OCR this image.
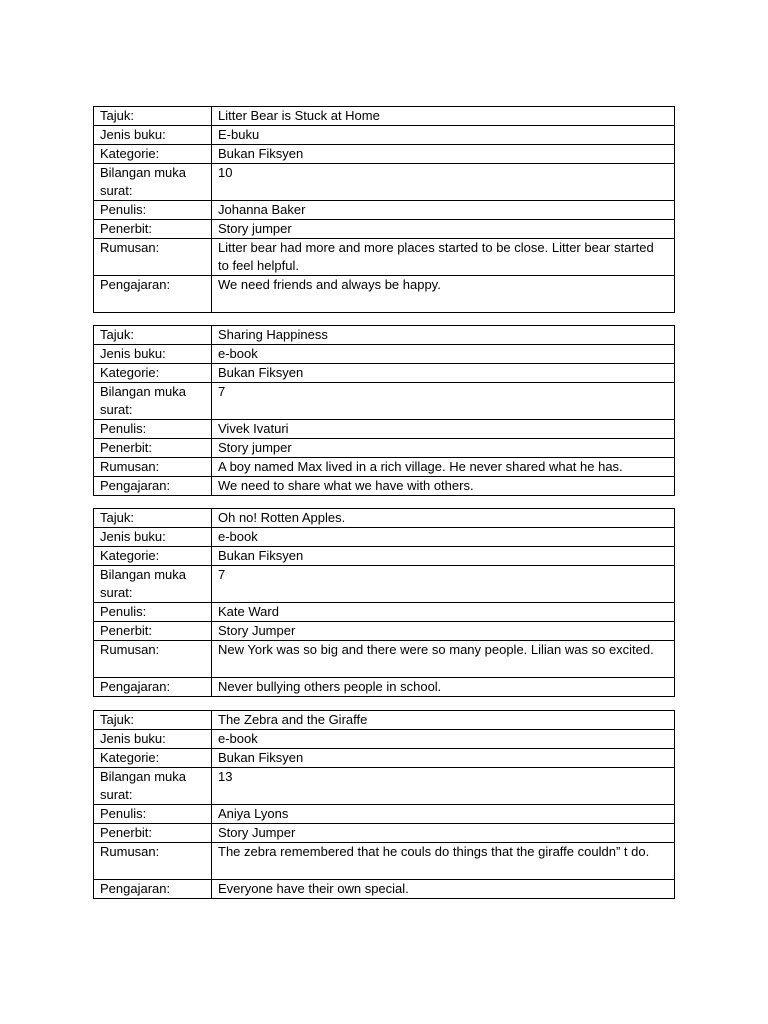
Tajuk:	Litter Bear is Stuck at Home
Jenis buku:	E-buku
Kategorie:	Bukan Fiksyen
Bilangan muka surat:	10
Penulis:	Johanna Baker
Penerbit:	Story jumper
Rumusan:	Litter bear had more and more places started to be close. Litter bear started to feel helpful.
Pengajaran:	We need friends and always be happy.
Tajuk:	Sharing Happiness
Jenis buku:	e-book
Kategorie:	Bukan Fiksyen
Bilangan muka surat:	7
Penulis:	Vivek Ivaturi
Penerbit:	Story jumper
Rumusan:	A boy named Max lived in a rich village. He never shared what he has.
Pengajaran:	We need to share what we have with others.
Tajuk:	Oh no! Rotten Apples.
Jenis buku:	e-book
Kategorie:	Bukan Fiksyen
Bilangan muka surat:	7
Penulis:	Kate Ward
Penerbit:	Story Jumper
Rumusan:	New York was so big and there were so many people. Lilian was so excited.
Pengajaran:	Never bullying others people in school.
Tajuk:	The Zebra and the Giraffe
Jenis buku:	e-book
Kategorie:	Bukan Fiksyen
Bilangan muka surat:	13
Penulis:	Aniya Lyons
Penerbit:	Story Jumper
Rumusan:	The zebra remembered that he couls do things that the giraffe couldn” t do.
Pengajaran:	Everyone have their own special.
